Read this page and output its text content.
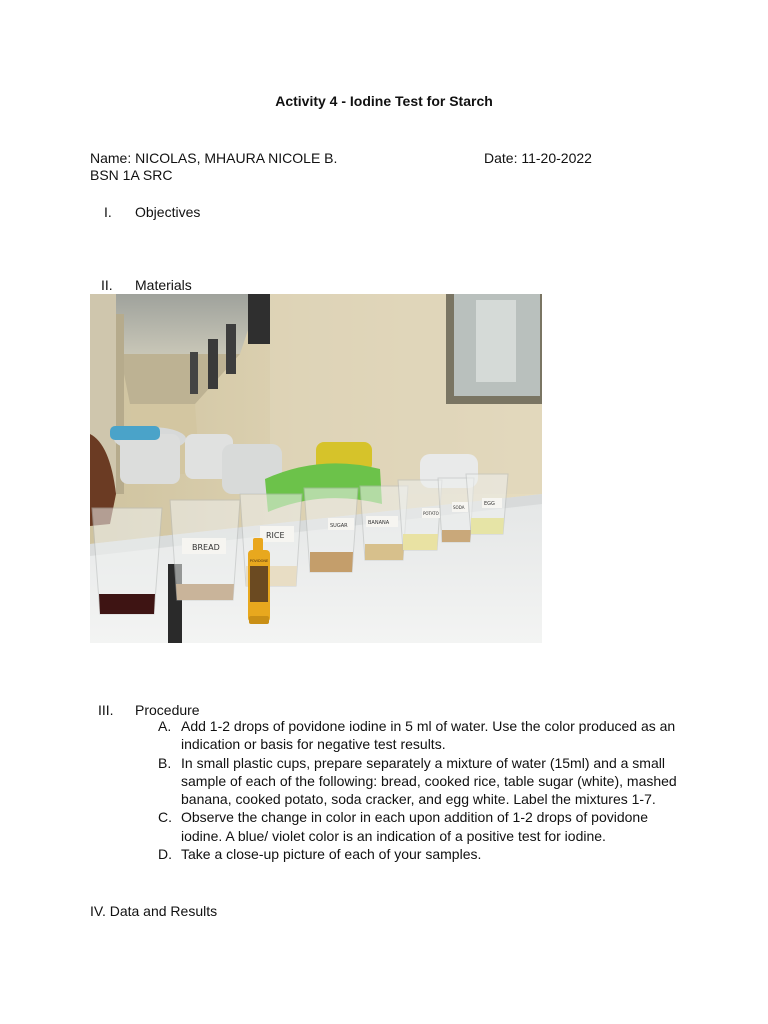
Activity 4 - Iodine Test for Starch
Name: NICOLAS, MHAURA NICOLE B.	Date: 11-20-2022
BSN 1A SRC
I.	Objectives
II.	Materials
BREAD
RICE
SUGAR	BANANA
POTATO
SODA
EGG
POVIDONE
III.	Procedure
A. Add 1-2 drops of povidone iodine in 5 ml of water. Use the color produced as an
indication or basis for negative test results.
B. In small plastic cups, prepare separately a mixture of water (15ml) and a small
sample of each of the following: bread, cooked rice, table sugar (white), mashed
banana, cooked potato, soda cracker, and egg white. Label the mixtures 1-7.
C. Observe the change in color in each upon addition of 1-2 drops of povidone
iodine. A blue/ violet color is an indication of a positive test for iodine.
D. Take a close-up picture of each of your samples.
IV. Data and Results
